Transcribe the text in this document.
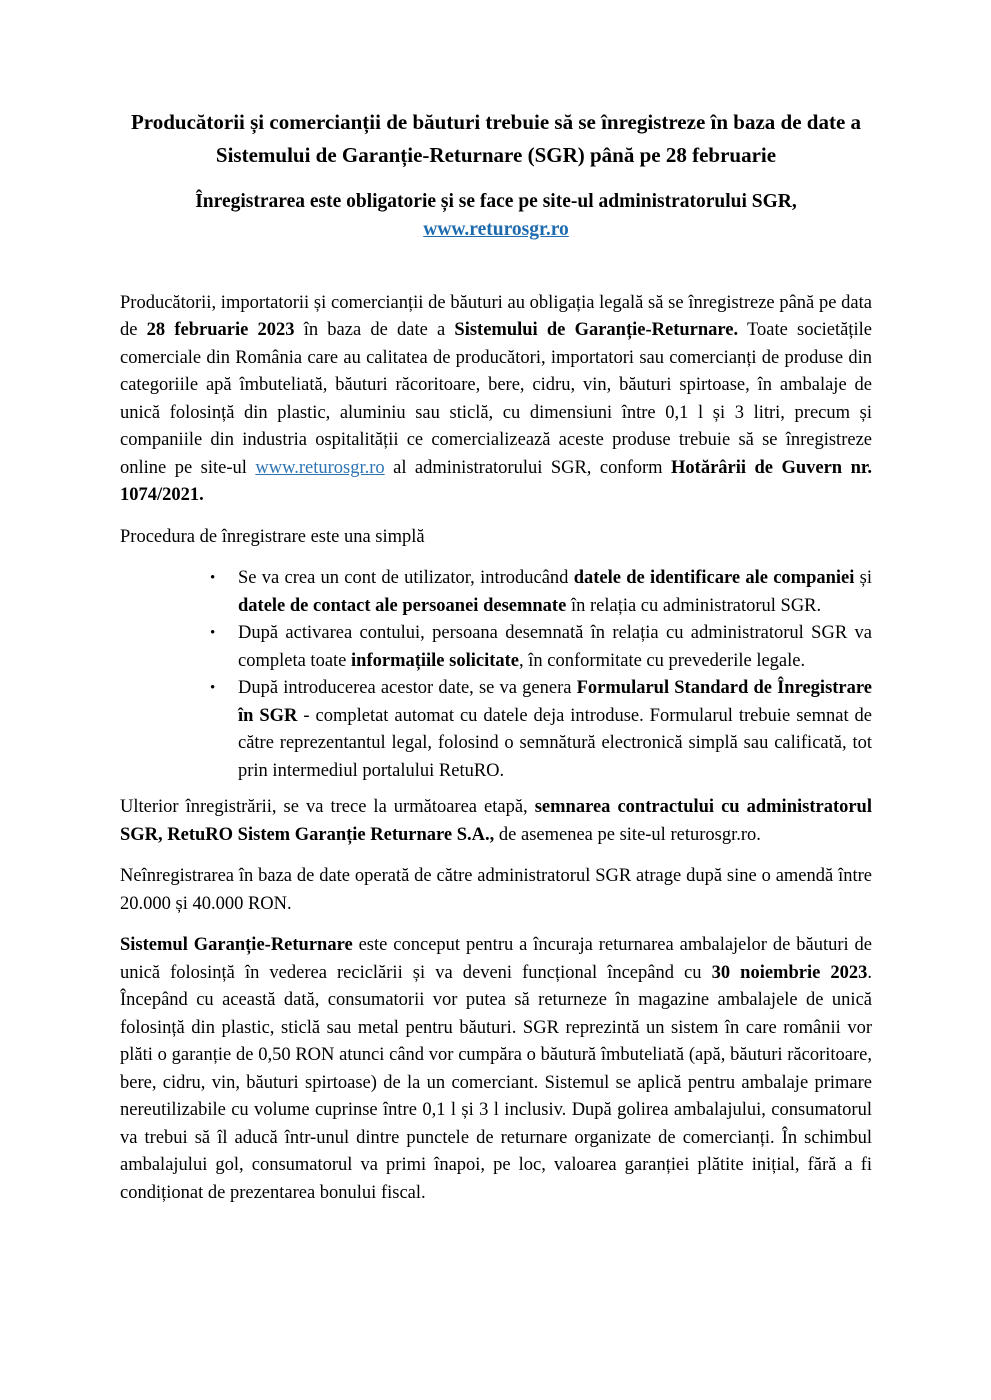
Producătorii și comercianții de băuturi trebuie să se înregistreze în baza de date a Sistemului de Garanție-Returnare (SGR) până pe 28 februarie
Înregistrarea este obligatorie și se face pe site-ul administratorului SGR,
www.returosgr.ro

Producătorii, importatorii și comercianții de băuturi au obligația legală să se înregistreze până pe data de 28 februarie 2023 în baza de date a Sistemului de Garanție-Returnare. Toate societățile comerciale din România care au calitatea de producători, importatori sau comercianți de produse din categoriile apă îmbuteliată, băuturi răcoritoare, bere, cidru, vin, băuturi spirtoase, în ambalaje de unică folosință din plastic, aluminiu sau sticlă, cu dimensiuni între 0,1 l și 3 litri, precum și companiile din industria ospitalității ce comercializează aceste produse trebuie să se înregistreze online pe site-ul www.returosgr.ro al administratorului SGR, conform Hotărârii de Guvern nr. 1074/2021.

Procedura de înregistrare este una simplă

•	Se va crea un cont de utilizator, introducând datele de identificare ale companiei și datele de contact ale persoanei desemnate în relația cu administratorul SGR.
•	După activarea contului, persoana desemnată în relația cu administratorul SGR va completa toate informațiile solicitate, în conformitate cu prevederile legale.
•	După introducerea acestor date, se va genera Formularul Standard de Înregistrare în SGR - completat automat cu datele deja introduse. Formularul trebuie semnat de către reprezentantul legal, folosind o semnătură electronică simplă sau calificată, tot prin intermediul portalului RetuRO.

Ulterior înregistrării, se va trece la următoarea etapă, semnarea contractului cu administratorul SGR, RetuRO Sistem Garanție Returnare S.A., de asemenea pe site-ul returosgr.ro.

Neînregistrarea în baza de date operată de către administratorul SGR atrage după sine o amendă între 20.000 și 40.000 RON.

Sistemul Garanție-Returnare este conceput pentru a încuraja returnarea ambalajelor de băuturi de unică folosință în vederea reciclării și va deveni funcțional începând cu 30 noiembrie 2023. Începând cu această dată, consumatorii vor putea să returneze în magazine ambalajele de unică folosință din plastic, sticlă sau metal pentru băuturi. SGR reprezintă un sistem în care românii vor plăti o garanție de 0,50 RON atunci când vor cumpăra o băutură îmbuteliată (apă, băuturi răcoritoare, bere, cidru, vin, băuturi spirtoase) de la un comerciant. Sistemul se aplică pentru ambalaje primare nereutilizabile cu volume cuprinse între 0,1 l și 3 l inclusiv. După golirea ambalajului, consumatorul va trebui să îl aducă într-unul dintre punctele de returnare organizate de comercianți. În schimbul ambalajului gol, consumatorul va primi înapoi, pe loc, valoarea garanției plătite inițial, fără a fi condiționat de prezentarea bonului fiscal.
